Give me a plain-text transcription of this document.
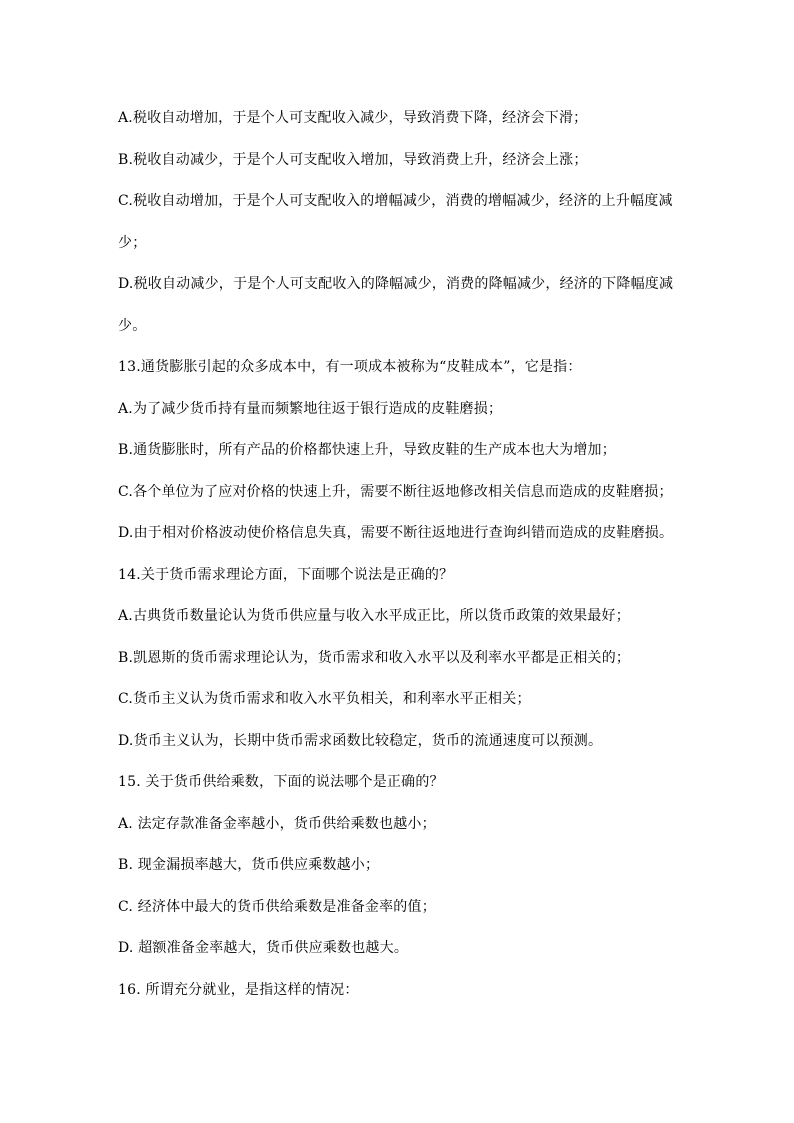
A.税收自动增加，于是个人可支配收入减少，导致消费下降，经济会下滑；
B.税收自动减少，于是个人可支配收入增加，导致消费上升，经济会上涨；
C.税收自动增加，于是个人可支配收入的增幅减少，消费的增幅减少，经济的上升幅度减
少；
D.税收自动减少，于是个人可支配收入的降幅减少，消费的降幅减少，经济的下降幅度减
少。
13.通货膨胀引起的众多成本中，有一项成本被称为“皮鞋成本”，它是指：
A.为了减少货币持有量而频繁地往返于银行造成的皮鞋磨损；
B.通货膨胀时，所有产品的价格都快速上升，导致皮鞋的生产成本也大为增加；
C.各个单位为了应对价格的快速上升，需要不断往返地修改相关信息而造成的皮鞋磨损；
D.由于相对价格波动使价格信息失真，需要不断往返地进行查询纠错而造成的皮鞋磨损。
14.关于货币需求理论方面，下面哪个说法是正确的？
A.古典货币数量论认为货币供应量与收入水平成正比，所以货币政策的效果最好；
B.凯恩斯的货币需求理论认为，货币需求和收入水平以及利率水平都是正相关的；
C.货币主义认为货币需求和收入水平负相关，和利率水平正相关；
D.货币主义认为，长期中货币需求函数比较稳定，货币的流通速度可以预测。
15. 关于货币供给乘数，下面的说法哪个是正确的？
A. 法定存款准备金率越小，货币供给乘数也越小；
B. 现金漏损率越大，货币供应乘数越小；
C. 经济体中最大的货币供给乘数是准备金率的值；
D. 超额准备金率越大，货币供应乘数也越大。
16. 所谓充分就业，是指这样的情况：
